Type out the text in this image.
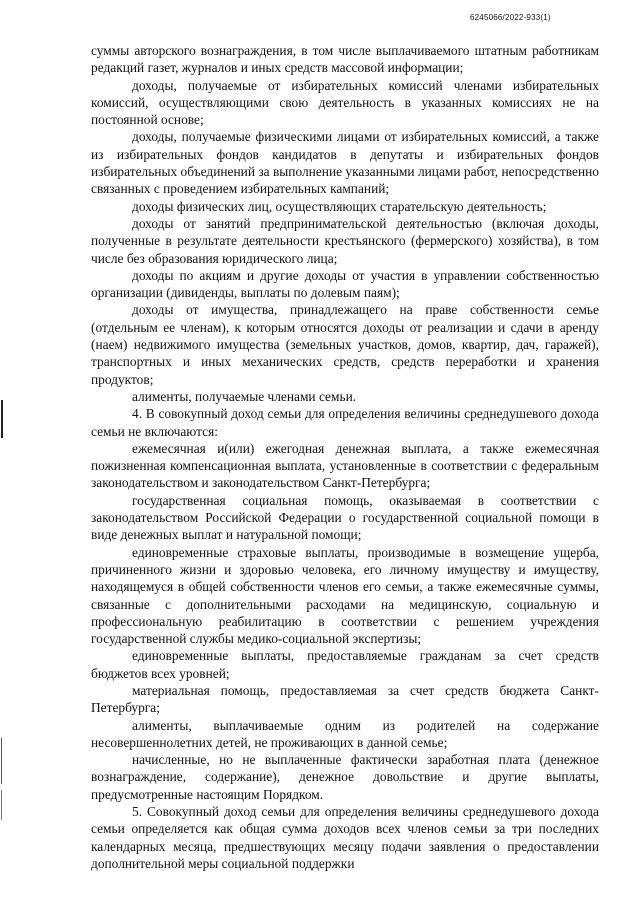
6245066/2022-933(1)

суммы авторского вознаграждения, в том числе выплачиваемого штатным работникам редакций газет, журналов и иных средств массовой информации;

доходы, получаемые от избирательных комиссий членами избирательных комиссий, осуществляющими свою деятельность в указанных комиссиях не на постоянной основе;

доходы, получаемые физическими лицами от избирательных комиссий, а также из избирательных фондов кандидатов в депутаты и избирательных фондов избирательных объединений за выполнение указанными лицами работ, непосредственно связанных с проведением избирательных кампаний;

доходы физических лиц, осуществляющих старательскую деятельность;

доходы от занятий предпринимательской деятельностью (включая доходы, полученные в результате деятельности крестьянского (фермерского) хозяйства), в том числе без образования юридического лица;

доходы по акциям и другие доходы от участия в управлении собственностью организации (дивиденды, выплаты по долевым паям);

доходы от имущества, принадлежащего на праве собственности семье (отдельным ее членам), к которым относятся доходы от реализации и сдачи в аренду (наем) недвижимого имущества (земельных участков, домов, квартир, дач, гаражей), транспортных и иных механических средств, средств переработки и хранения продуктов;

алименты, получаемые членами семьи.

4. В совокупный доход семьи для определения величины среднедушевого дохода семьи не включаются:

ежемесячная и(или) ежегодная денежная выплата, а также ежемесячная пожизненная компенсационная выплата, установленные в соответствии с федеральным законодательством и законодательством Санкт-Петербурга;

государственная социальная помощь, оказываемая в соответствии с законодательством Российской Федерации о государственной социальной помощи в виде денежных выплат и натуральной помощи;

единовременные страховые выплаты, производимые в возмещение ущерба, причиненного жизни и здоровью человека, его личному имуществу и имуществу, находящемуся в общей собственности членов его семьи, а также ежемесячные суммы, связанные с дополнительными расходами на медицинскую, социальную и профессиональную реабилитацию в соответствии с решением учреждения государственной службы медико-социальной экспертизы;

единовременные выплаты, предоставляемые гражданам за счет средств бюджетов всех уровней;

материальная помощь, предоставляемая за счет средств бюджета Санкт-Петербурга;

алименты, выплачиваемые одним из родителей на содержание несовершеннолетних детей, не проживающих в данной семье;

начисленные, но не выплаченные фактически заработная плата (денежное вознаграждение, содержание), денежное довольствие и другие выплаты, предусмотренные настоящим Порядком.

5. Совокупный доход семьи для определения величины среднедушевого дохода семьи определяется как общая сумма доходов всех членов семьи за три последних календарных месяца, предшествующих месяцу подачи заявления о предоставлении дополнительной меры социальной поддержки
